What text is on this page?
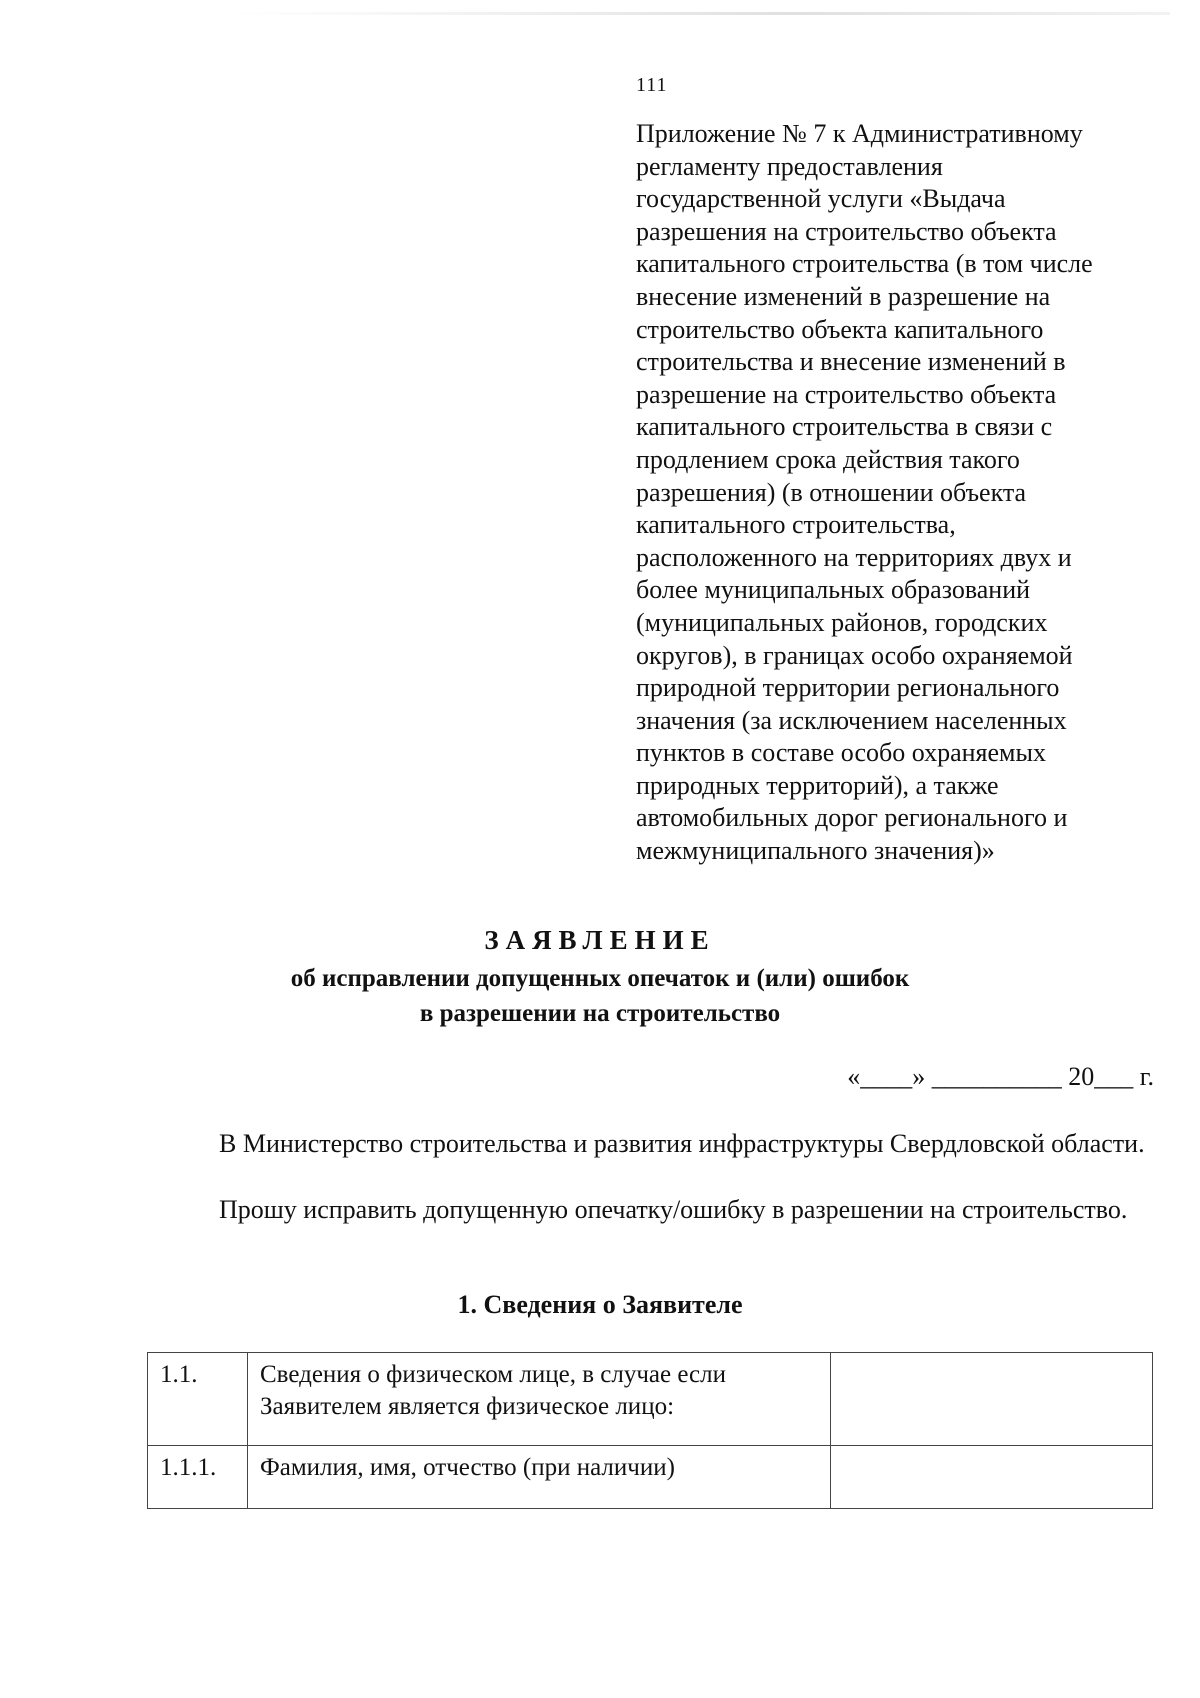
111

Приложение № 7 к Административному
регламенту предоставления
государственной услуги «Выдача
разрешения на строительство объекта
капитального строительства (в том числе
внесение изменений в разрешение на
строительство объекта капитального
строительства и внесение изменений в
разрешение на строительство объекта
капитального строительства в связи с
продлением срока действия такого
разрешения) (в отношении объекта
капитального строительства,
расположенного на территориях двух и
более муниципальных образований
(муниципальных районов, городских
округов), в границах особо охраняемой
природной территории регионального
значения (за исключением населенных
пунктов в составе особо охраняемых
природных территорий), а также
автомобильных дорог регионального и
межмуниципального значения)»

ЗАЯВЛЕНИЕ
об исправлении допущенных опечаток и (или) ошибок
в разрешении на строительство
«____» __________ 20___ г.

В Министерство строительства и развития инфраструктуры Свердловской области.

Прошу исправить допущенную опечатку/ошибку в разрешении на строительство.

1. Сведения о Заявителе
1.1.	Сведения о физическом лице, в случае если Заявителем является физическое лицо:	
1.1.1.	Фамилия, имя, отчество (при наличии)	
